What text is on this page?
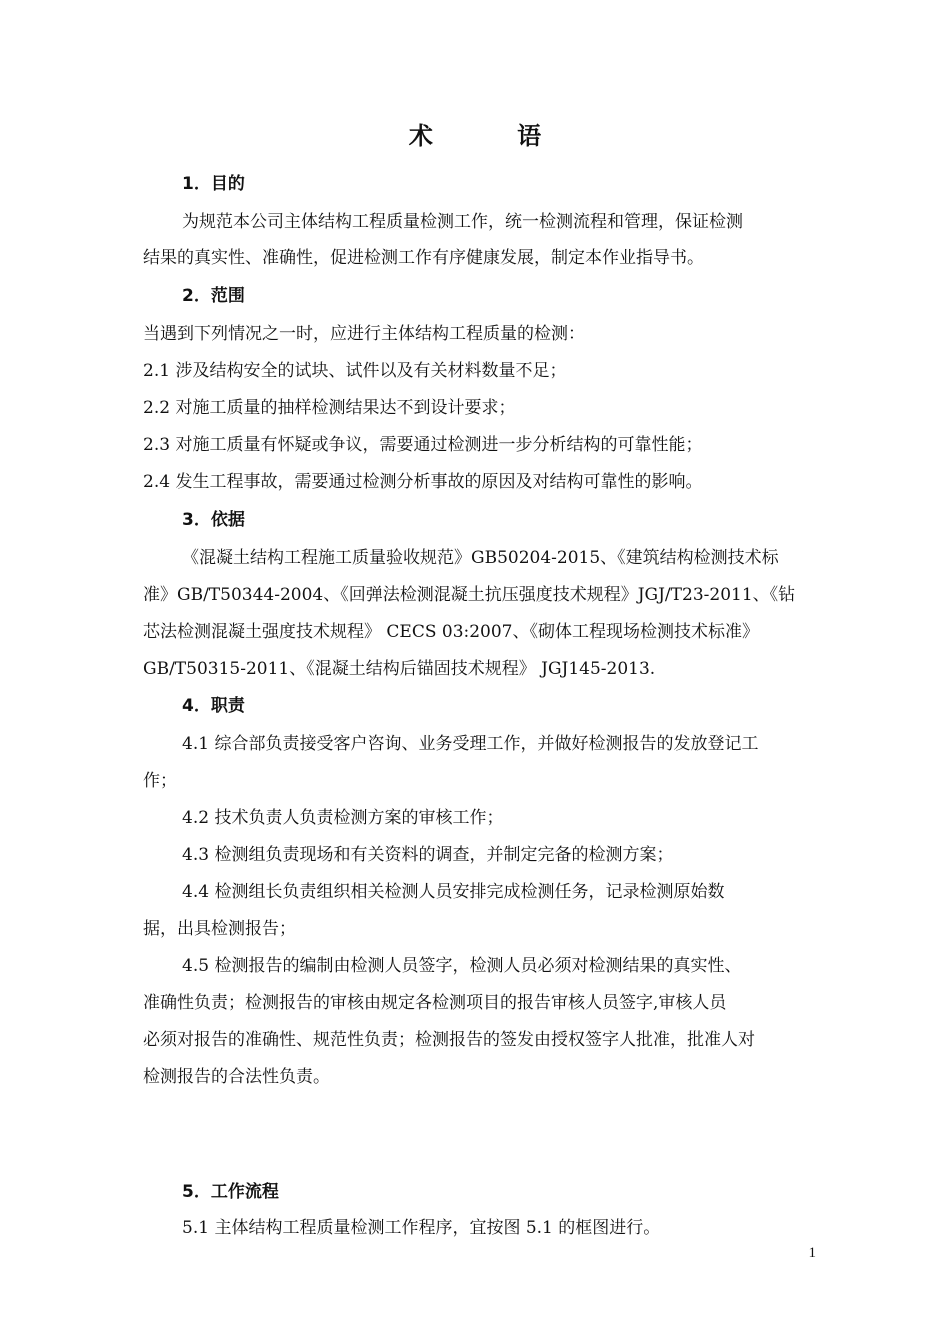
术 语
1．目的
为规范本公司主体结构工程质量检测工作，统一检测流程和管理，保证检测
结果的真实性、准确性，促进检测工作有序健康发展，制定本作业指导书。
2．范围
当遇到下列情况之一时，应进行主体结构工程质量的检测：
2.1 涉及结构安全的试块、试件以及有关材料数量不足；
2.2 对施工质量的抽样检测结果达不到设计要求；
2.3 对施工质量有怀疑或争议，需要通过检测进一步分析结构的可靠性能；
2.4 发生工程事故，需要通过检测分析事故的原因及对结构可靠性的影响。
3．依据
《混凝土结构工程施工质量验收规范》GB50204-2015、《建筑结构检测技术标
准》GB/T50344-2004、《回弹法检测混凝土抗压强度技术规程》JGJ/T23-2011、《钻
芯法检测混凝土强度技术规程》 CECS 03:2007、《砌体工程现场检测技术标准》
GB/T50315-2011、《混凝土结构后锚固技术规程》 JGJ145-2013.
4．职责
4.1 综合部负责接受客户咨询、业务受理工作，并做好检测报告的发放登记工
作；
4.2 技术负责人负责检测方案的审核工作；
4.3 检测组负责现场和有关资料的调查，并制定完备的检测方案；
4.4 检测组长负责组织相关检测人员安排完成检测任务，记录检测原始数
据，出具检测报告；
4.5 检测报告的编制由检测人员签字，检测人员必须对检测结果的真实性、
准确性负责；检测报告的审核由规定各检测项目的报告审核人员签字,审核人员
必须对报告的准确性、规范性负责；检测报告的签发由授权签字人批准，批准人对
检测报告的合法性负责。
5．工作流程
5.1 主体结构工程质量检测工作程序，宜按图 5.1 的框图进行。
1
